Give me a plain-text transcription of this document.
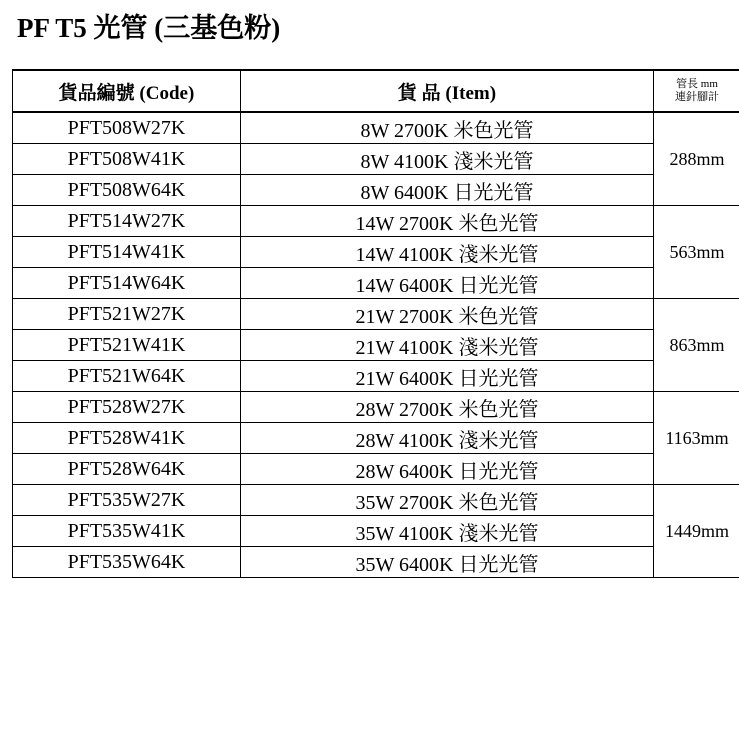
PF T5 光管 (三基色粉)
貨品編號 (Code)	貨 品 (Item)	管長 mm
連針腳計

PFT508W27K	8W 2700K 米色光管	288mm
PFT508W41K	8W 4100K 淺米光管	
PFT508W64K	8W 6400K 日光光管	
PFT514W27K	14W 2700K 米色光管	563mm
PFT514W41K	14W 4100K 淺米光管	
PFT514W64K	14W 6400K 日光光管	
PFT521W27K	21W 2700K 米色光管	863mm
PFT521W41K	21W 4100K 淺米光管	
PFT521W64K	21W 6400K 日光光管	
PFT528W27K	28W 2700K 米色光管	1163mm
PFT528W41K	28W 4100K 淺米光管	
PFT528W64K	28W 6400K 日光光管	
PFT535W27K	35W 2700K 米色光管	1449mm
PFT535W41K	35W 4100K 淺米光管	
PFT535W64K	35W 6400K 日光光管	
